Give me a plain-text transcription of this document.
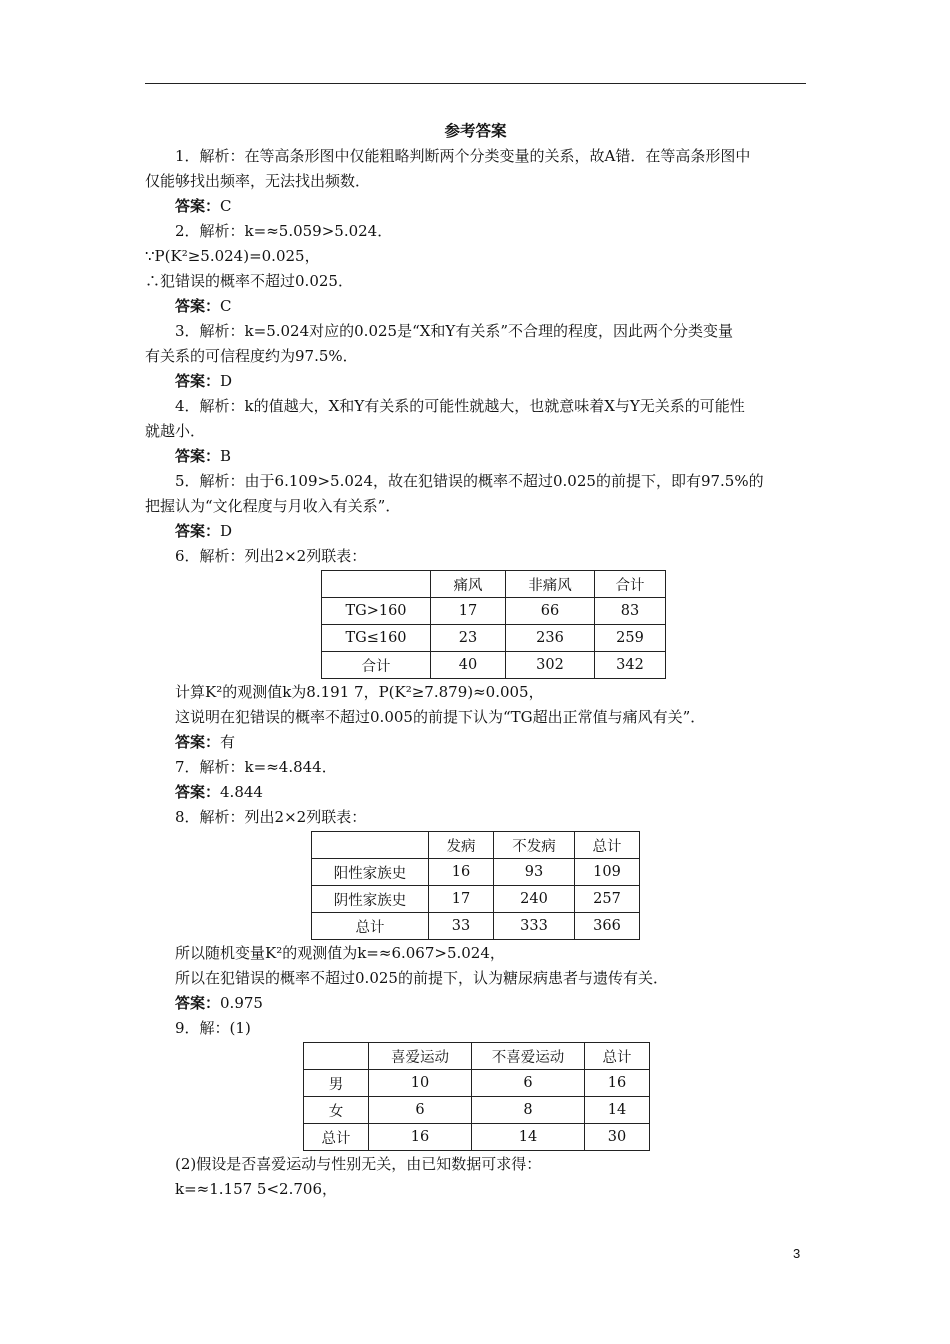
参考答案
1．解析：在等高条形图中仅能粗略判断两个分类变量的关系，故A错．在等高条形图中
仅能够找出频率，无法找出频数．
答案：C
2．解析：k=≈5.059>5.024．
∵P(K²≥5.024)=0.025，
∴犯错误的概率不超过0.025．
答案：C
3．解析：k=5.024对应的0.025是“X和Y有关系”不合理的程度，因此两个分类变量
有关系的可信程度约为97.5%．
答案：D
4．解析：k的值越大，X和Y有关系的可能性就越大，也就意味着X与Y无关系的可能性
就越小．
答案：B
5．解析：由于6.109>5.024，故在犯错误的概率不超过0.025的前提下，即有97.5%的
把握认为“文化程度与月收入有关系”．
答案：D
6．解析：列出2×2列联表：
	痛风	非痛风	合计
TG>160	17	66	83
TG≤160	23	236	259
合计	40	302	342
计算K²的观测值k为8.191 7，P(K²≥7.879)≈0.005，
这说明在犯错误的概率不超过0.005的前提下认为“TG超出正常值与痛风有关”．
答案：有
7．解析：k=≈4.844．
答案：4.844
8．解析：列出2×2列联表：
	发病	不发病	总计
阳性家族史	16	93	109
阴性家族史	17	240	257
总计	33	333	366
所以随机变量K²的观测值为k=≈6.067>5.024，
所以在犯错误的概率不超过0.025的前提下，认为糖尿病患者与遗传有关．
答案：0.975
9．解：(1)
	喜爱运动	不喜爱运动	总计
男	10	6	16
女	6	8	14
总计	16	14	30
(2)假设是否喜爱运动与性别无关，由已知数据可求得：
k=≈1.157 5<2.706，
3
